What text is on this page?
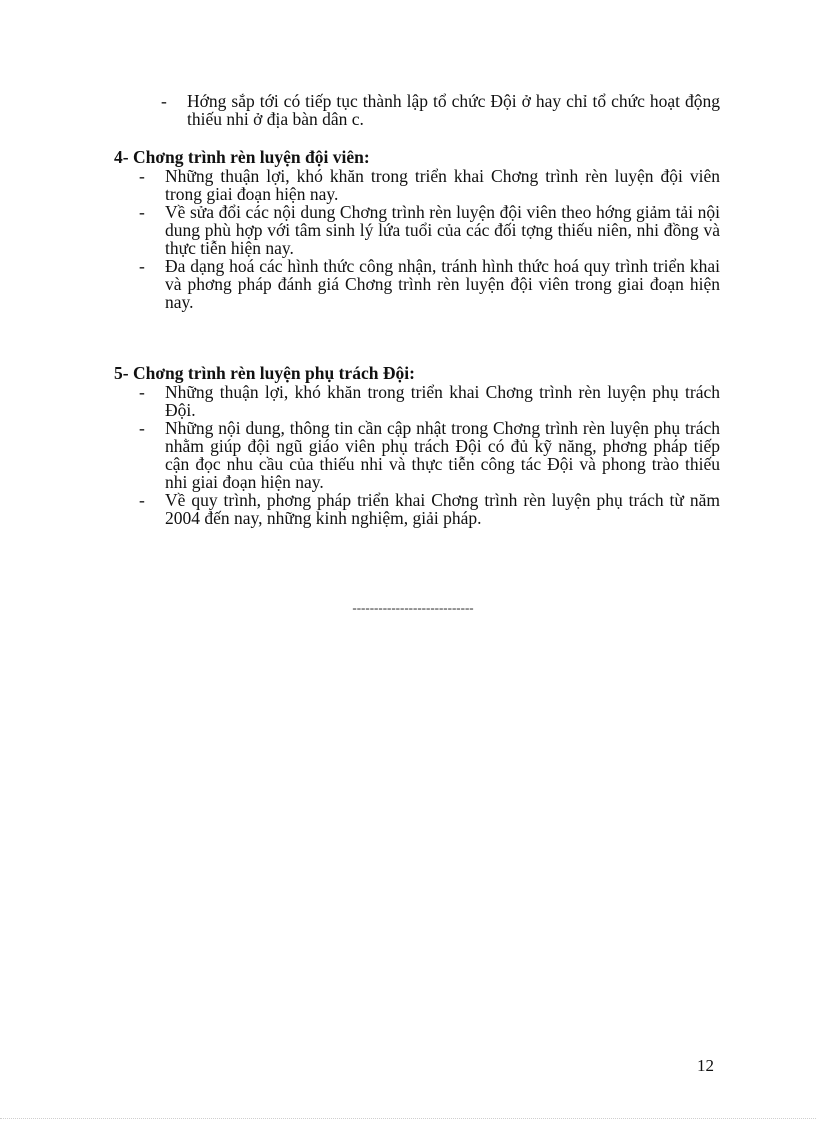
- Hớng sắp tới có tiếp tục thành lập tổ chức Đội ở hay chỉ tổ chức hoạt động thiếu nhi ở địa bàn dân c.

4- Chơng trình rèn luyện đội viên:

- Những thuận lợi, khó khăn trong triển khai Chơng trình rèn luyện đội viên trong giai đoạn hiện nay.

- Về sửa đổi các nội dung Chơng trình rèn luyện đội viên theo hớng giảm tải nội dung phù hợp với tâm sinh lý lứa tuổi của các đối tợng thiếu niên, nhi đồng và thực tiễn hiện nay.

- Đa dạng hoá các hình thức công nhận, tránh hình thức hoá quy trình triển khai và phơng pháp đánh giá Chơng trình rèn luyện đội viên trong giai đoạn hiện nay.

5- Chơng trình rèn luyện phụ trách Đội:

- Những thuận lợi, khó khăn trong triển khai Chơng trình rèn luyện phụ trách Đội.

- Những nội dung, thông tin cần cập nhật trong Chơng trình rèn luyện phụ trách nhằm giúp đội ngũ giáo viên phụ trách Đội có đủ kỹ năng, phơng pháp tiếp cận đọc nhu cầu của thiếu nhi và thực tiễn công tác Đội và phong trào thiếu nhi giai đoạn hiện nay.

- Về quy trình, phơng pháp triển khai Chơng trình rèn luyện phụ trách từ năm 2004 đến nay, những kinh nghiệm, giải pháp.

----------------------------
12
